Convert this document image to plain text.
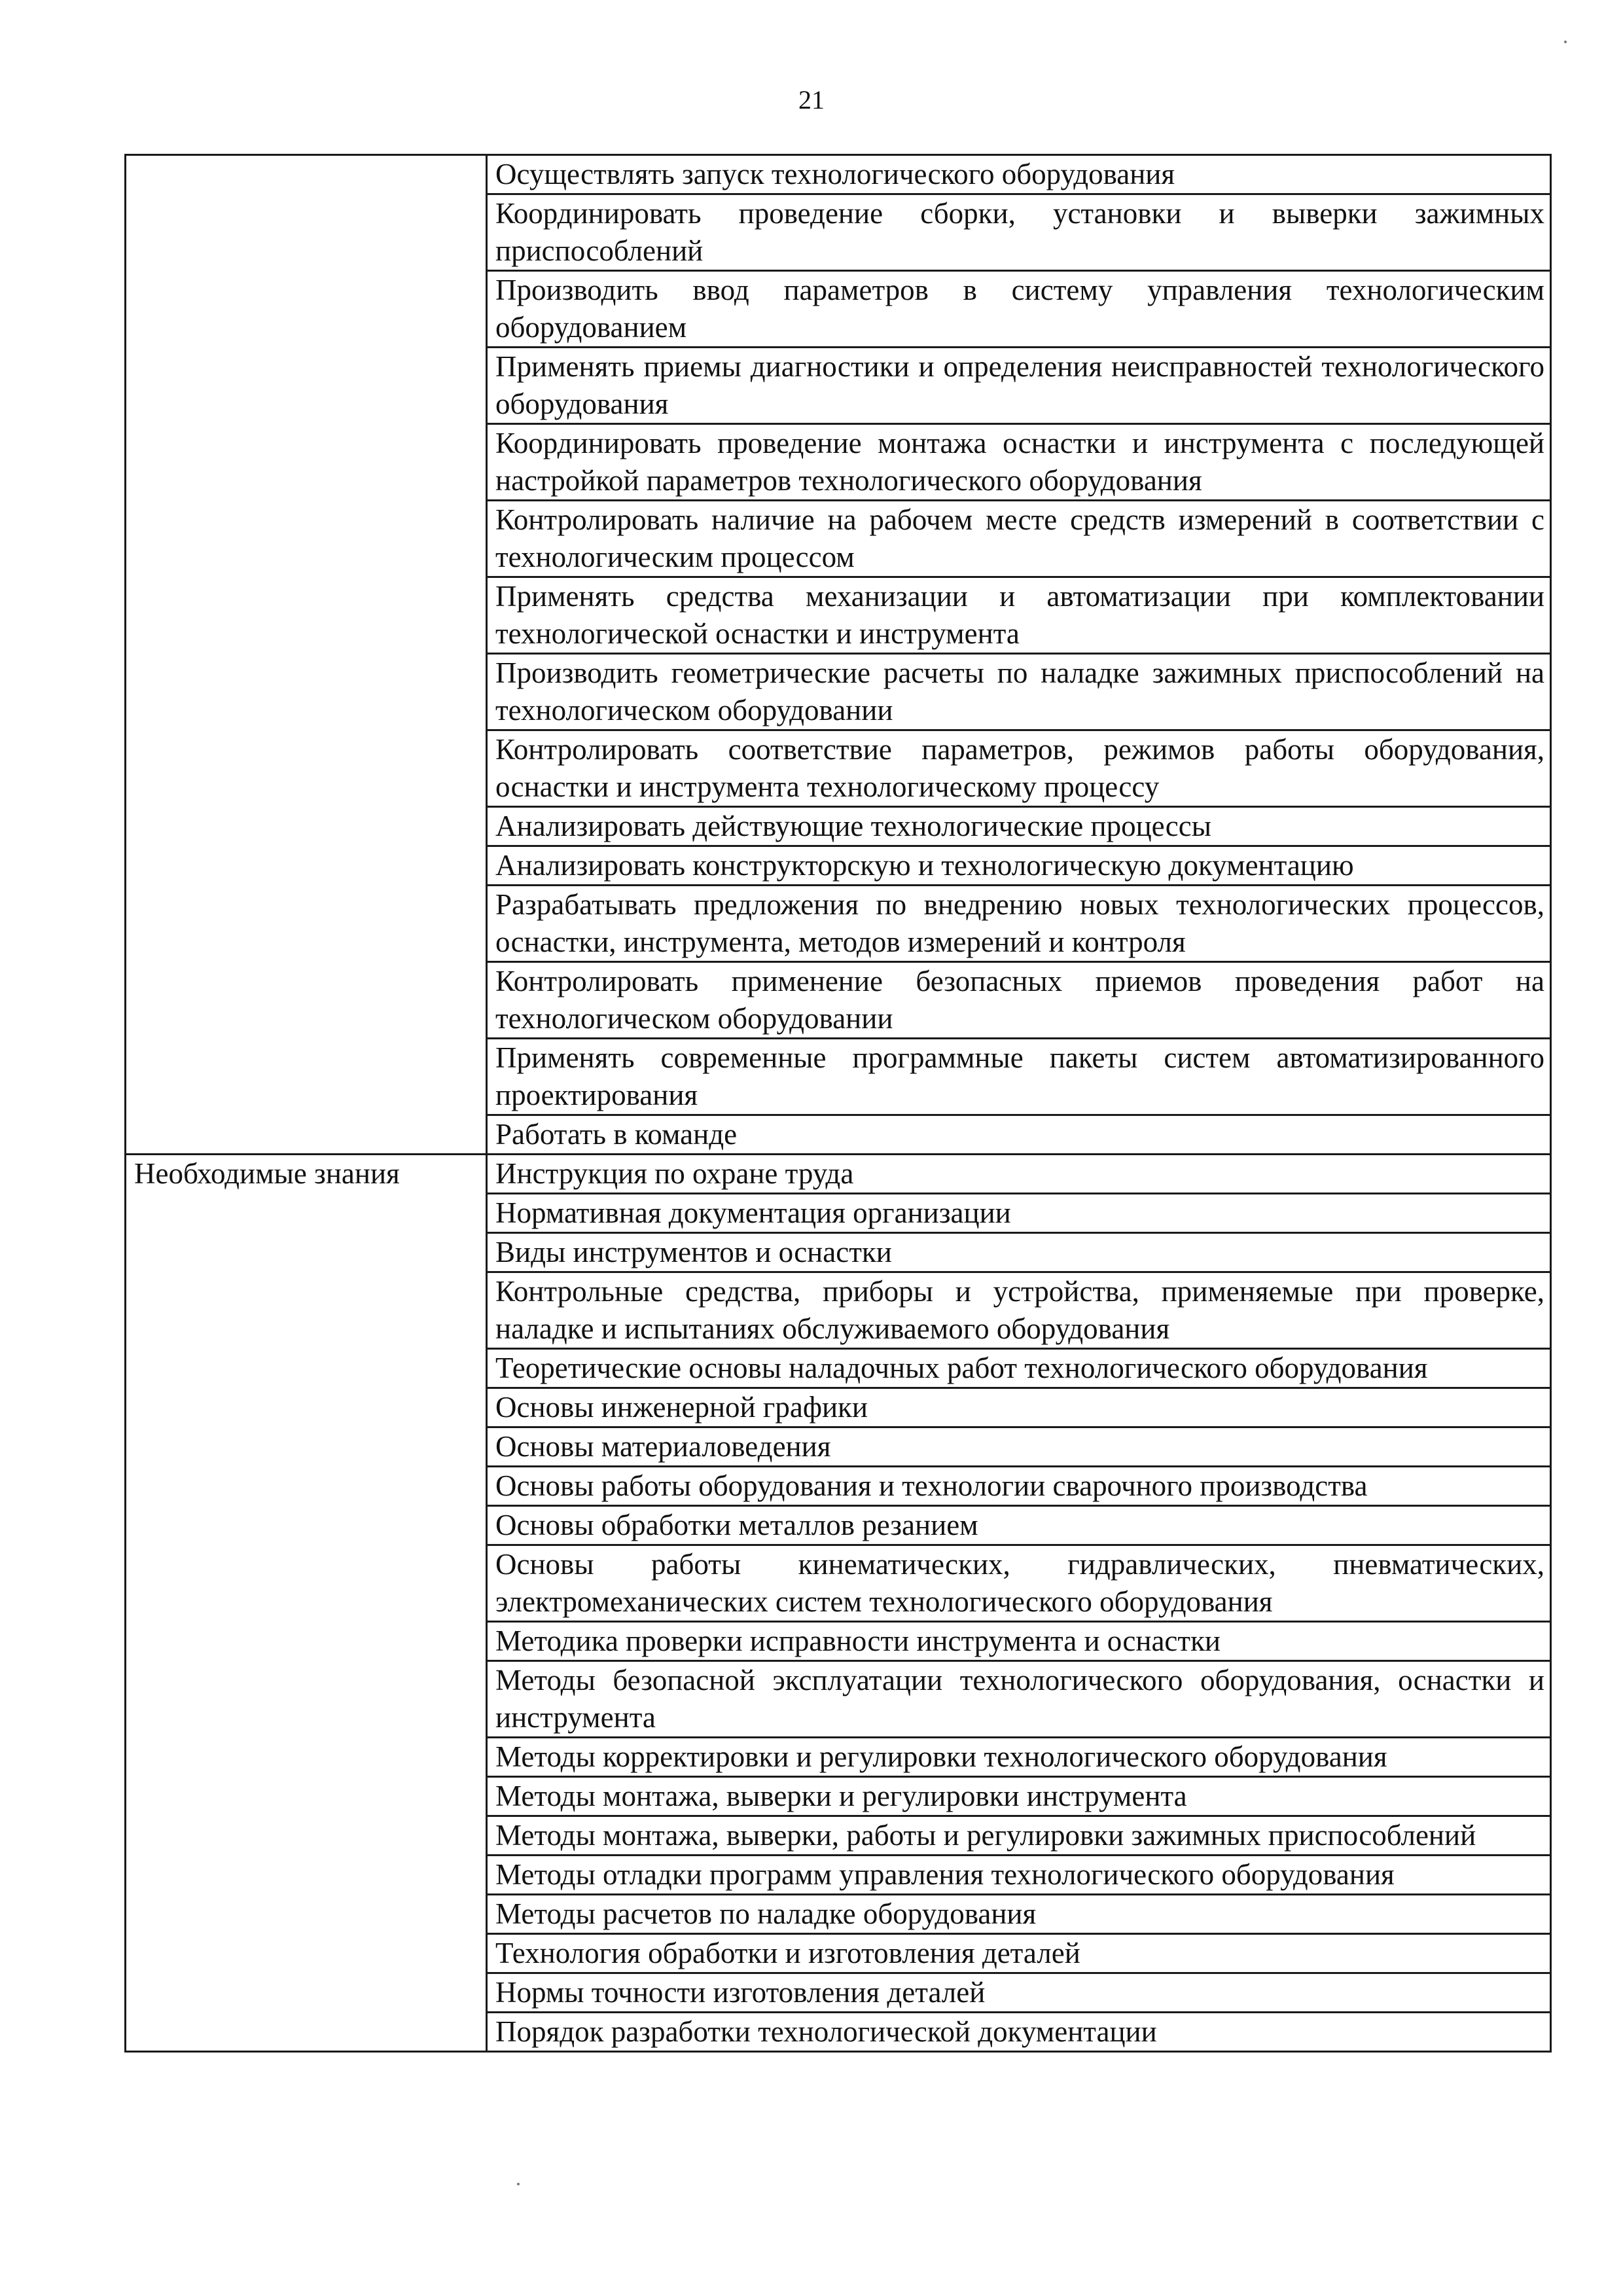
21
	Осуществлять запуск технологического оборудования
	Координировать проведение сборки, установки и выверки зажимных приспособлений
	Производить ввод параметров в систему управления технологическим оборудованием
	Применять приемы диагностики и определения неисправностей технологического оборудования
	Координировать проведение монтажа оснастки и инструмента с последующей настройкой параметров технологического оборудования
	Контролировать наличие на рабочем месте средств измерений в соответствии с технологическим процессом
	Применять средства механизации и автоматизации при комплектовании технологической оснастки и инструмента
	Производить геометрические расчеты по наладке зажимных приспособлений на технологическом оборудовании
	Контролировать соответствие параметров, режимов работы оборудования, оснастки и инструмента технологическому процессу
	Анализировать действующие технологические процессы
	Анализировать конструкторскую и технологическую документацию
	Разрабатывать предложения по внедрению новых технологических процессов, оснастки, инструмента, методов измерений и контроля
	Контролировать применение безопасных приемов проведения работ на технологическом оборудовании
	Применять современные программные пакеты систем автоматизированного проектирования
	Работать в команде
Необходимые знания	Инструкция по охране труда
	Нормативная документация организации
	Виды инструментов и оснастки
	Контрольные средства, приборы и устройства, применяемые при проверке, наладке и испытаниях обслуживаемого оборудования
	Теоретические основы наладочных работ технологического оборудования
	Основы инженерной графики
	Основы материаловедения
	Основы работы оборудования и технологии сварочного производства
	Основы обработки металлов резанием
	Основы работы кинематических, гидравлических, пневматических, электромеханических систем технологического оборудования
	Методика проверки исправности инструмента и оснастки
	Методы безопасной эксплуатации технологического оборудования, оснастки и инструмента
	Методы корректировки и регулировки технологического оборудования
	Методы монтажа, выверки и регулировки инструмента
	Методы монтажа, выверки, работы и регулировки зажимных приспособлений
	Методы отладки программ управления технологического оборудования
	Методы расчетов по наладке оборудования
	Технология обработки и изготовления деталей
	Нормы точности изготовления деталей
	Порядок разработки технологической документации
